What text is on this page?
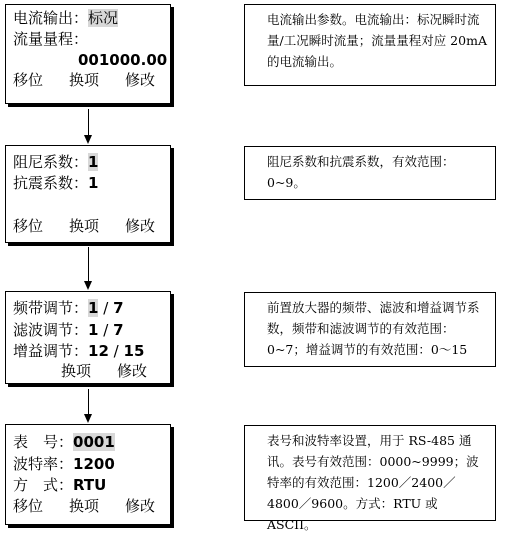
电流输出：标况
流量量程：
001000.00
移位 换项 修改
阻尼系数：1
抗震系数：1
移位 换项 修改
频带调节：1 / 7
滤波调节：1 / 7
增益调节：12 / 15
换项 修改
表　号：0001
波特率：1200
方　式：RTU
移位 换项 修改
电流输出参数。电流输出：标况瞬时流量/工况瞬时流量；流量量程对应 20mA 的电流输出。
阻尼系数和抗震系数，有效范围：0~9。
前置放大器的频带、滤波和增益调节系数，频带和滤波调节的有效范围：0~7；增益调节的有效范围：0～15
表号和波特率设置，用于 RS-485 通讯。表号有效范围：0000~9999；波特率的有效范围：1200／2400／4800／9600。方式：RTU 或 ASCII。
